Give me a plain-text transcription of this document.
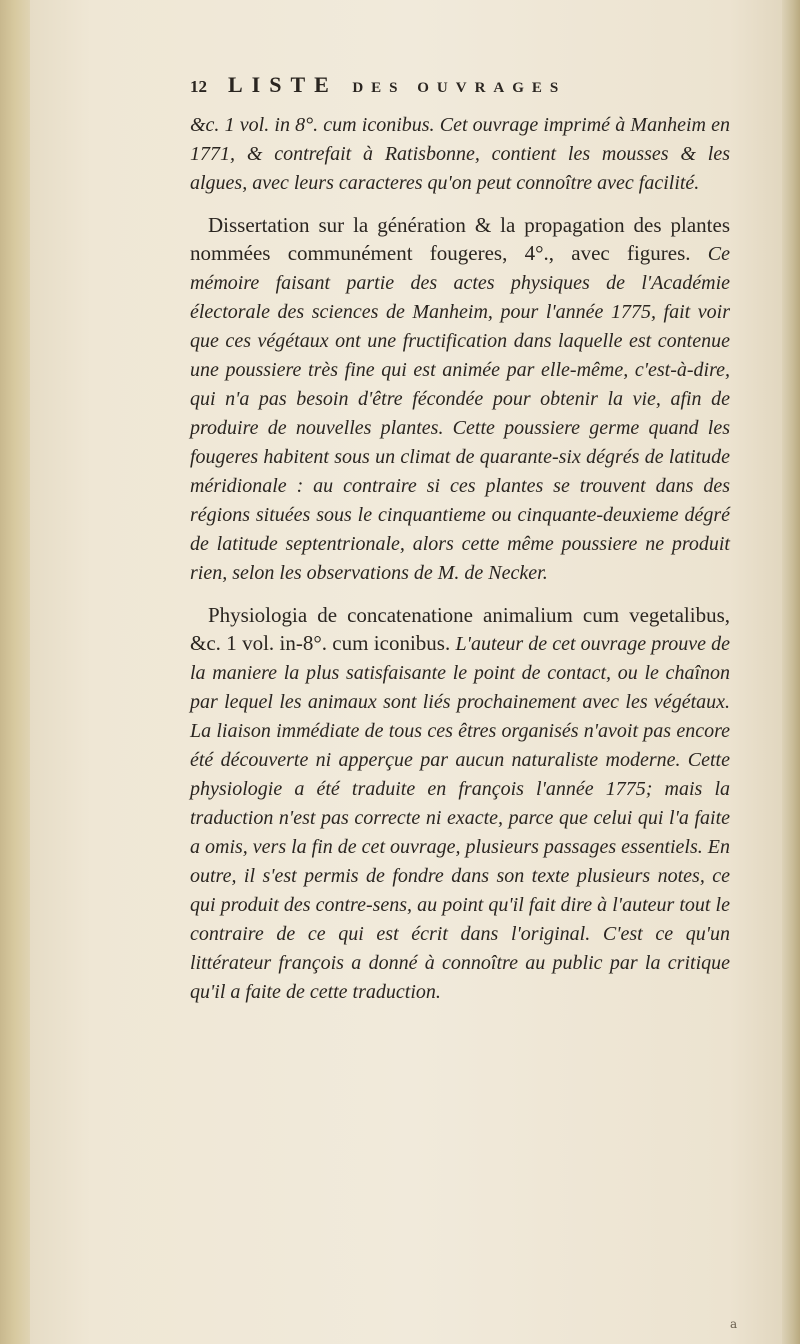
12 LISTE DES OUVRAGES

&c. 1 vol. in 8°. cum iconibus. Cet ouvrage imprimé à Manheim en 1771, & contrefait à Ratisbonne, contient les mousses & les algues, avec leurs caracteres qu'on peut connoître avec facilité.

Dissertation sur la génération & la propagation des plantes nommées communément fougeres, 4°., avec figures. Ce mémoire faisant partie des actes physiques de l'Académie électorale des sciences de Manheim, pour l'année 1775, fait voir que ces végétaux ont une fructification dans laquelle est contenue une poussiere très fine qui est animée par elle-même, c'est-à-dire, qui n'a pas besoin d'être fécondée pour obtenir la vie, afin de produire de nouvelles plantes. Cette poussiere germe quand les fougeres habitent sous un climat de quarante-six dégrés de latitude méridionale : au contraire si ces plantes se trouvent dans des régions situées sous le cinquantieme ou cinquante-deuxieme dégré de latitude septentrionale, alors cette même poussiere ne produit rien, selon les observations de M. de Necker.

Physiologia de concatenatione animalium cum vegetalibus, &c. 1 vol. in-8°. cum iconibus. L'auteur de cet ouvrage prouve de la maniere la plus satisfaisante le point de contact, ou le chaînon par lequel les animaux sont liés prochainement avec les végétaux. La liaison immédiate de tous ces êtres organisés n'avoit pas encore été découverte ni apperçue par aucun naturaliste moderne. Cette physiologie a été traduite en françois l'année 1775; mais la traduction n'est pas correcte ni exacte, parce que celui qui l'a faite a omis, vers la fin de cet ouvrage, plusieurs passages essentiels. En outre, il s'est permis de fondre dans son texte plusieurs notes, ce qui produit des contre-sens, au point qu'il fait dire à l'auteur tout le contraire de ce qui est écrit dans l'original. C'est ce qu'un littérateur françois a donné à connoître au public par la critique qu'il a faite de cette traduction.

a
